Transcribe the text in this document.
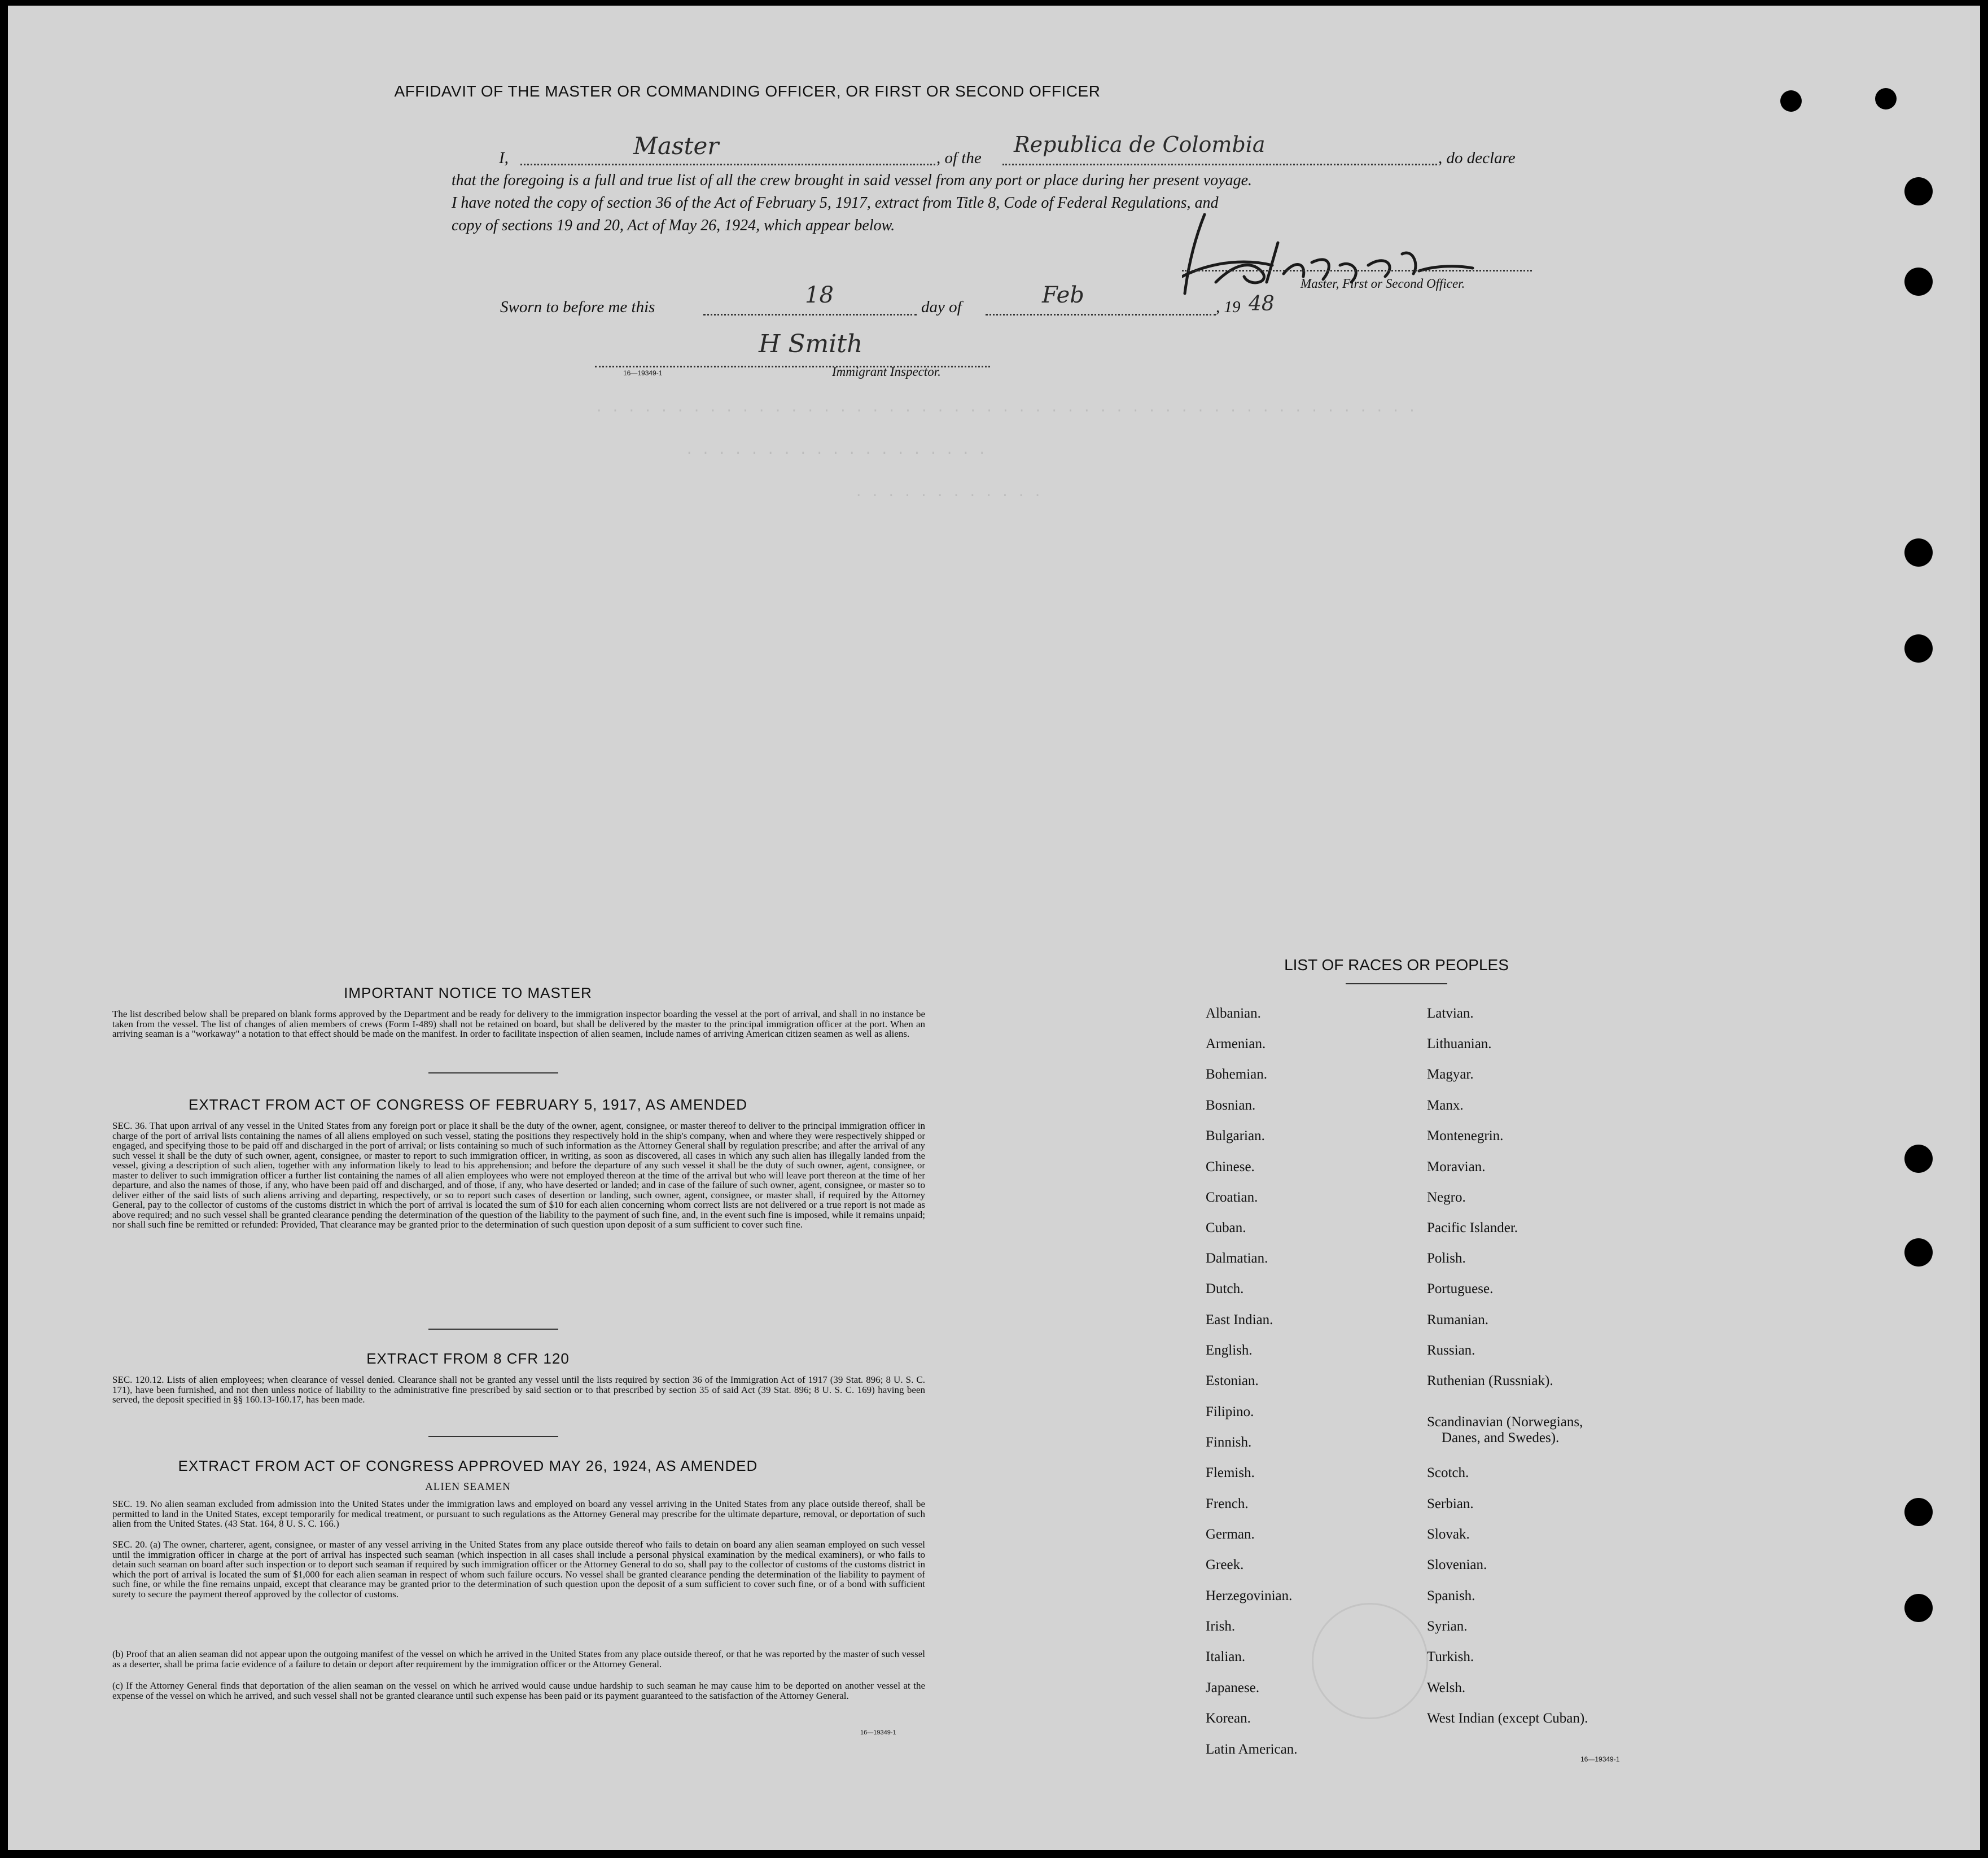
. . . . . . . . . . . . . . . . . . . . . . . . . . . . . . . . . . . . . . . . . . . . . . . . . . .
. . . . . . . . . . . . . . . . . . .
. . . . . . . . . . . .
AFFIDAVIT OF THE MASTER OR COMMANDING OFFICER, OR FIRST OR SECOND OFFICER
I,	Master	, of the
Republica de Colombia
, do declare
that the foregoing is a full and true list of all the crew brought in said vessel from any port or place during her present voyage.
I have noted the copy of section 36 of the Act of February 5, 1917, extract from Title 8, Code of Federal Regulations, and
copy of sections 19 and 20, Act of May 26, 1924, which appear below.
Master, First or Second Officer.
Sworn to before me this	18	day of	Feb	, 19 48
H Smith
16—19349-1	Immigrant Inspector.
IMPORTANT NOTICE TO MASTER

The list described below shall be prepared on blank forms approved by the Department and be ready for delivery to the immigration inspector boarding the vessel at the port of arrival, and shall in no instance be taken from the vessel. The list of changes of alien members of crews (Form I-489) shall not be retained on board, but shall be delivered by the master to the principal immigration officer at the port. When an arriving seaman is a "workaway" a notation to that effect should be made on the manifest. In order to facilitate inspection of alien seamen, include names of arriving American citizen seamen as well as aliens.

EXTRACT FROM ACT OF CONGRESS OF FEBRUARY 5, 1917, AS AMENDED

SEC. 36. That upon arrival of any vessel in the United States from any foreign port or place it shall be the duty of the owner, agent, consignee, or master thereof to deliver to the principal immigration officer in charge of the port of arrival lists containing the names of all aliens employed on such vessel, stating the positions they respectively hold in the ship's company, when and where they were respectively shipped or engaged, and specifying those to be paid off and discharged in the port of arrival; or lists containing so much of such information as the Attorney General shall by regulation prescribe; and after the arrival of any such vessel it shall be the duty of such owner, agent, consignee, or master to report to such immigration officer, in writing, as soon as discovered, all cases in which any such alien has illegally landed from the vessel, giving a description of such alien, together with any information likely to lead to his apprehension; and before the departure of any such vessel it shall be the duty of such owner, agent, consignee, or master to deliver to such immigration officer a further list containing the names of all alien employees who were not employed thereon at the time of the arrival but who will leave port thereon at the time of her departure, and also the names of those, if any, who have been paid off and discharged, and of those, if any, who have deserted or landed; and in case of the failure of such owner, agent, consignee, or master so to deliver either of the said lists of such aliens arriving and departing, respectively, or so to report such cases of desertion or landing, such owner, agent, consignee, or master shall, if required by the Attorney General, pay to the collector of customs of the customs district in which the port of arrival is located the sum of $10 for each alien concerning whom correct lists are not delivered or a true report is not made as above required; and no such vessel shall be granted clearance pending the determination of the question of the liability to the payment of such fine, and, in the event such fine is imposed, while it remains unpaid; nor shall such fine be remitted or refunded: Provided, That clearance may be granted prior to the determination of such question upon deposit of a sum sufficient to cover such fine.

EXTRACT FROM 8 CFR 120

SEC. 120.12. Lists of alien employees; when clearance of vessel denied. Clearance shall not be granted any vessel until the lists required by section 36 of the Immigration Act of 1917 (39 Stat. 896; 8 U. S. C. 171), have been furnished, and not then unless notice of liability to the administrative fine prescribed by said section or to that prescribed by section 35 of said Act (39 Stat. 896; 8 U. S. C. 169) having been served, the deposit specified in §§ 160.13-160.17, has been made.

EXTRACT FROM ACT OF CONGRESS APPROVED MAY 26, 1924, AS AMENDED
ALIEN SEAMEN

SEC. 19. No alien seaman excluded from admission into the United States under the immigration laws and employed on board any vessel arriving in the United States from any place outside thereof, shall be permitted to land in the United States, except temporarily for medical treatment, or pursuant to such regulations as the Attorney General may prescribe for the ultimate departure, removal, or deportation of such alien from the United States. (43 Stat. 164, 8 U. S. C. 166.)

SEC. 20. (a) The owner, charterer, agent, consignee, or master of any vessel arriving in the United States from any place outside thereof who fails to detain on board any alien seaman employed on such vessel until the immigration officer in charge at the port of arrival has inspected such seaman (which inspection in all cases shall include a personal physical examination by the medical examiners), or who fails to detain such seaman on board after such inspection or to deport such seaman if required by such immigration officer or the Attorney General to do so, shall pay to the collector of customs of the customs district in which the port of arrival is located the sum of $1,000 for each alien seaman in respect of whom such failure occurs. No vessel shall be granted clearance pending the determination of the liability to payment of such fine, or while the fine remains unpaid, except that clearance may be granted prior to the determination of such question upon the deposit of a sum sufficient to cover such fine, or of a bond with sufficient surety to secure the payment thereof approved by the collector of customs.

(b) Proof that an alien seaman did not appear upon the outgoing manifest of the vessel on which he arrived in the United States from any place outside thereof, or that he was reported by the master of such vessel as a deserter, shall be prima facie evidence of a failure to detain or deport after requirement by the immigration officer or the Attorney General.

(c) If the Attorney General finds that deportation of the alien seaman on the vessel on which he arrived would cause undue hardship to such seaman he may cause him to be deported on another vessel at the expense of the vessel on which he arrived, and such vessel shall not be granted clearance until such expense has been paid or its payment guaranteed to the satisfaction of the Attorney General.

16—19349-1
LIST OF RACES OR PEOPLES
Albanian.
Armenian.
Bohemian.
Bosnian.
Bulgarian.
Chinese.
Croatian.
Cuban.
Dalmatian.
Dutch.
East Indian.
English.
Estonian.
Filipino.
Finnish.
Flemish.
French.
German.
Greek.
Herzegovinian.
Irish.
Italian.
Japanese.
Korean.
Latin American.
Latvian.
Lithuanian.
Magyar.
Manx.
Montenegrin.
Moravian.
Negro.
Pacific Islander.
Polish.
Portuguese.
Rumanian.
Russian.
Ruthenian (Russniak).
Scandinavian (Norwegians,
Danes, and Swedes).
Scotch.
Serbian.
Slovak.
Slovenian.
Spanish.
Syrian.
Turkish.
Welsh.
West Indian (except Cuban).
16—19349-1
